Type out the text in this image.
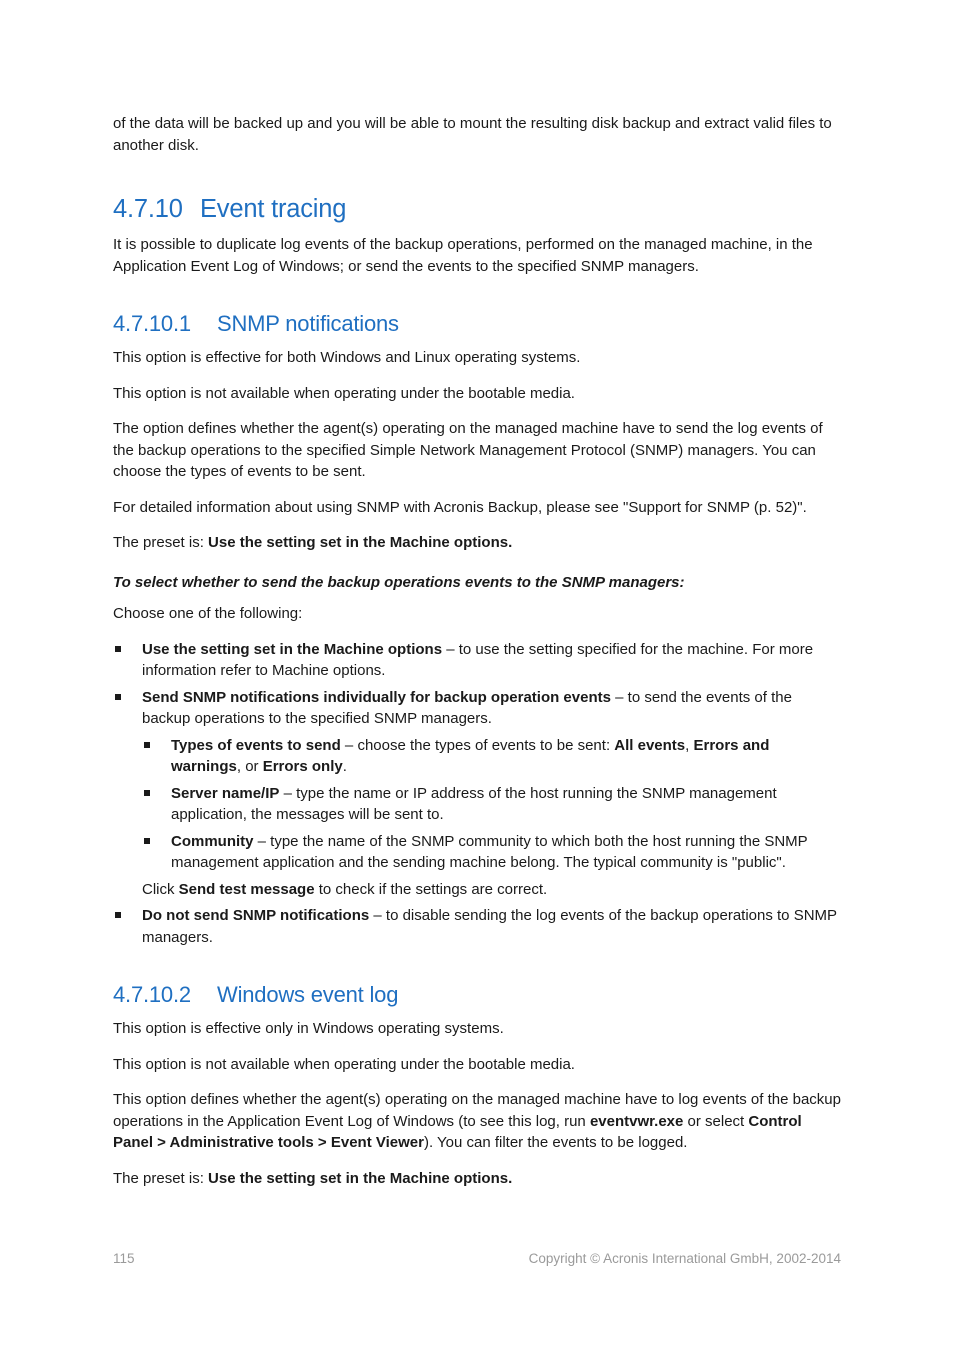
of the data will be backed up and you will be able to mount the resulting disk backup and extract valid files to another disk.

4.7.10 Event tracing

It is possible to duplicate log events of the backup operations, performed on the managed machine, in the Application Event Log of Windows; or send the events to the specified SNMP managers.

4.7.10.1 SNMP notifications

This option is effective for both Windows and Linux operating systems.

This option is not available when operating under the bootable media.

The option defines whether the agent(s) operating on the managed machine have to send the log events of the backup operations to the specified Simple Network Management Protocol (SNMP) managers. You can choose the types of events to be sent.

For detailed information about using SNMP with Acronis Backup, please see "Support for SNMP (p. 52)".

The preset is: Use the setting set in the Machine options.

To select whether to send the backup operations events to the SNMP managers:

Choose one of the following:

Use the setting set in the Machine options – to use the setting specified for the machine. For more information refer to Machine options.
Send SNMP notifications individually for backup operation events – to send the events of the backup operations to the specified SNMP managers.
Types of events to send – choose the types of events to be sent: All events, Errors and warnings, or Errors only.
Server name/IP – type the name or IP address of the host running the SNMP management application, the messages will be sent to.
Community – type the name of the SNMP community to which both the host running the SNMP management application and the sending machine belong. The typical community is "public".

Click Send test message to check if the settings are correct.

Do not send SNMP notifications – to disable sending the log events of the backup operations to SNMP managers.
4.7.10.2 Windows event log

This option is effective only in Windows operating systems.

This option is not available when operating under the bootable media.

This option defines whether the agent(s) operating on the managed machine have to log events of the backup operations in the Application Event Log of Windows (to see this log, run eventvwr.exe or select Control Panel > Administrative tools > Event Viewer). You can filter the events to be logged.

The preset is: Use the setting set in the Machine options.

115	Copyright © Acronis International GmbH, 2002-2014
